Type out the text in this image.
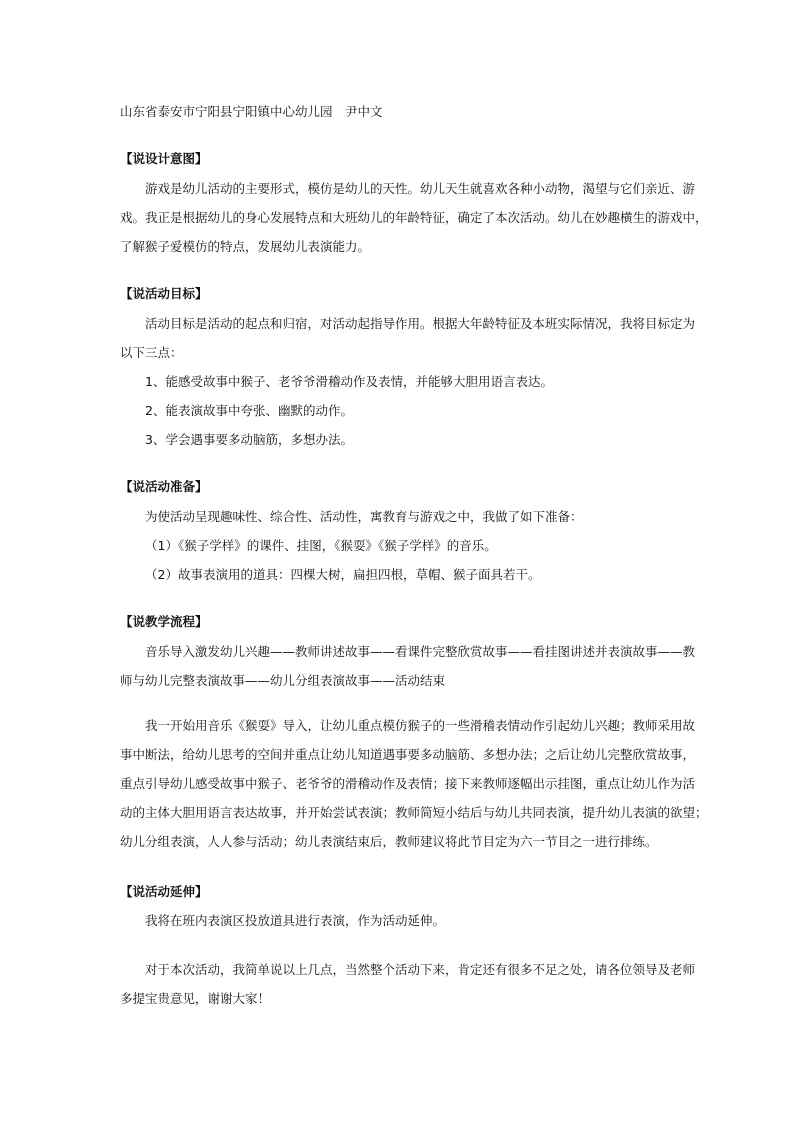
山东省泰安市宁阳县宁阳镇中心幼儿园　尹中文

【说设计意图】

游戏是幼儿活动的主要形式，模仿是幼儿的天性。幼儿天生就喜欢各种小动物，渴望与它们亲近、游

戏。我正是根据幼儿的身心发展特点和大班幼儿的年龄特征，确定了本次活动。幼儿在妙趣横生的游戏中，

了解猴子爱模仿的特点，发展幼儿表演能力。

【说活动目标】

活动目标是活动的起点和归宿，对活动起指导作用。根据大年龄特征及本班实际情况，我将目标定为

以下三点：

1、能感受故事中猴子、老爷爷滑稽动作及表情，并能够大胆用语言表达。

2、能表演故事中夸张、幽默的动作。

3、学会遇事要多动脑筋，多想办法。

【说活动准备】

为使活动呈现趣味性、综合性、活动性，寓教育与游戏之中，我做了如下准备：

（1）《猴子学样》的课件、挂图，《猴耍》《猴子学样》的音乐。

（2）故事表演用的道具：四棵大树，扁担四根，草帽、猴子面具若干。

【说教学流程】

音乐导入激发幼儿兴趣——教师讲述故事——看课件完整欣赏故事——看挂图讲述并表演故事——教

师与幼儿完整表演故事——幼儿分组表演故事——活动结束

我一开始用音乐《猴耍》导入，让幼儿重点模仿猴子的一些滑稽表情动作引起幼儿兴趣；教师采用故

事中断法，给幼儿思考的空间并重点让幼儿知道遇事要多动脑筋、多想办法；之后让幼儿完整欣赏故事，

重点引导幼儿感受故事中猴子、老爷爷的滑稽动作及表情；接下来教师逐幅出示挂图，重点让幼儿作为活

动的主体大胆用语言表达故事，并开始尝试表演；教师简短小结后与幼儿共同表演，提升幼儿表演的欲望；

幼儿分组表演，人人参与活动；幼儿表演结束后，教师建议将此节目定为六一节目之一进行排练。

【说活动延伸】

我将在班内表演区投放道具进行表演，作为活动延伸。

对于本次活动，我简单说以上几点，当然整个活动下来，肯定还有很多不足之处，请各位领导及老师

多提宝贵意见，谢谢大家！
